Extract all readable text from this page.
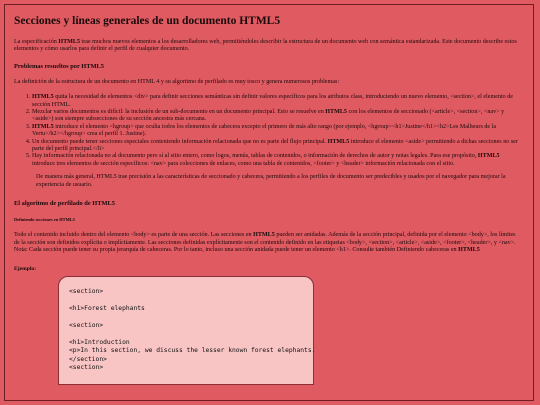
Secciones y líneas generales de un documento HTML5

La especificación HTML5 trae muchos nuevos elementos a los desarrolladores web, permitiéndoles describir la estructura de un documento web con semántica estandarizada. Este documento describe estos elementos y cómo usarlos para definir el perfil de cualquier documento.

Problemas resueltos por HTML5

La definición de la estructura de un documento en HTML 4 y su algoritmo de perfilado es muy tosco y genera numerosos problemas:

1. HTML5 quita la necesidad de elementos <div> para definir secciones semánticas sin definir valores específicos para los atributos class, introduciendo un nuevo elemento, <section>, el elemento de sección HTML.
2. Mezclar varios documentos es difícil: la inclusión de un sub-documento en un documento principal. Esto se resuelve en HTML5 con los elementos de seccionado (<article>, <section>, <nav> y <aside>) son siempre subsecciones de su sección ancestra más cercana.
3. HTML5 introduce el elemento <hgroup> que oculta todos los elementos de cabecera excepto el primero de más alto rango (por ejemplo, <hgroup><h1>Justine</h1><h2>Les Malheurs de la Vertu</h2></hgroup> crea el perfil 1. Justine).
4. Un documento puede tener secciones especiales conteniendo información relacionada que no es parte del flujo principal. HTML5 introduce el elemento <aside> permitiendo a dichas secciones no ser parte del perfil principal.</li>
5. Hay información relacionada no al documento pero sí al sitio entero, como logos, menús, tablas de contenidos, o información de derechos de autor y notas legales. Para ese propósito, HTML5 introduce tres elementos de sección específicos: <nav> para colecciones de enlaces, como una tabla de contenidos, <footer> y <header> información relacionada con el sitio.

De manera más general, HTML5 trae precisión a las características de seccionado y cabecera, permitiendo a los perfiles de documento ser predecibles y usados por el navegador para mejorar la experiencia de usuario.

El algoritmo de perfilado de HTML5
Definiendo secciones en HTML5

Todo el contenido incluido dentro del elemento <body> es parte de una sección. Las secciones en HTML5 pueden ser anidadas. Además de la sección principal, definida por el elemento <body>, los límites de la sección son definidos explícita o implícitamente. Las secciones definidas explícitamente son el contenido definido en las etiquetas <body>, <section>, <article>, <aside>, <footer>, <header>, y <nav>. Nota: Cada sección puede tener su propia jerarquía de cabeceras. Por lo tanto, incluso una sección anidada puede tener un elemento <h1>. Consulte también Definiendo cabeceras en HTML5

Ejemplo:
<section>

<h1>Forest elephants

<section>

<h1>Introduction
<p>In this section, we discuss the lesser known forest elephants.
</section>
<section>
